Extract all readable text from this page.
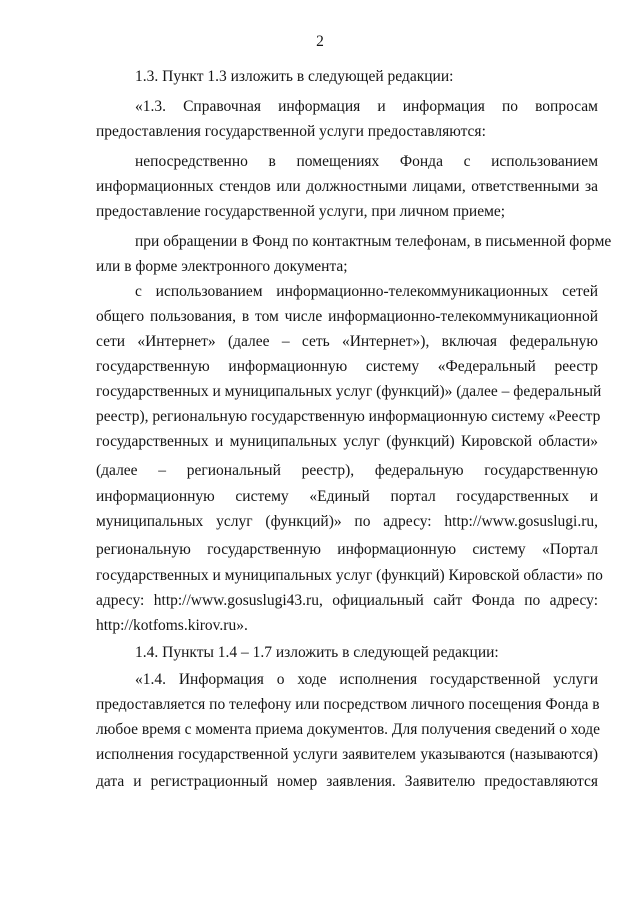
2
1.3. Пункт 1.3 изложить в следующей редакции:
«1.3. Справочная информация и информация по вопросам
предоставления государственной услуги предоставляются:
непосредственно в помещениях Фонда с использованием
информационных стендов или должностными лицами, ответственными за
предоставление государственной услуги, при личном приеме;
при обращении в Фонд по контактным телефонам, в письменной форме
или в форме электронного документа;
с использованием информационно-телекоммуникационных сетей
общего пользования, в том числе информационно-телекоммуникационной
сети «Интернет» (далее – сеть «Интернет»), включая федеральную
государственную информационную систему «Федеральный реестр
государственных и муниципальных услуг (функций)» (далее – федеральный
реестр), региональную государственную информационную систему «Реестр
государственных и муниципальных услуг (функций) Кировской области»
(далее – региональный реестр), федеральную государственную
информационную систему «Единый портал государственных и
муниципальных услуг (функций)» по адресу: http://www.gosuslugi.ru,
региональную государственную информационную систему «Портал
государственных и муниципальных услуг (функций) Кировской области» по
адресу: http://www.gosuslugi43.ru, официальный сайт Фонда по адресу:
http://kotfoms.kirov.ru».
1.4. Пункты 1.4 – 1.7 изложить в следующей редакции:
«1.4. Информация о ходе исполнения государственной услуги
предоставляется по телефону или посредством личного посещения Фонда в
любое время с момента приема документов. Для получения сведений о ходе
исполнения государственной услуги заявителем указываются (называются)
дата и регистрационный номер заявления. Заявителю предоставляются
